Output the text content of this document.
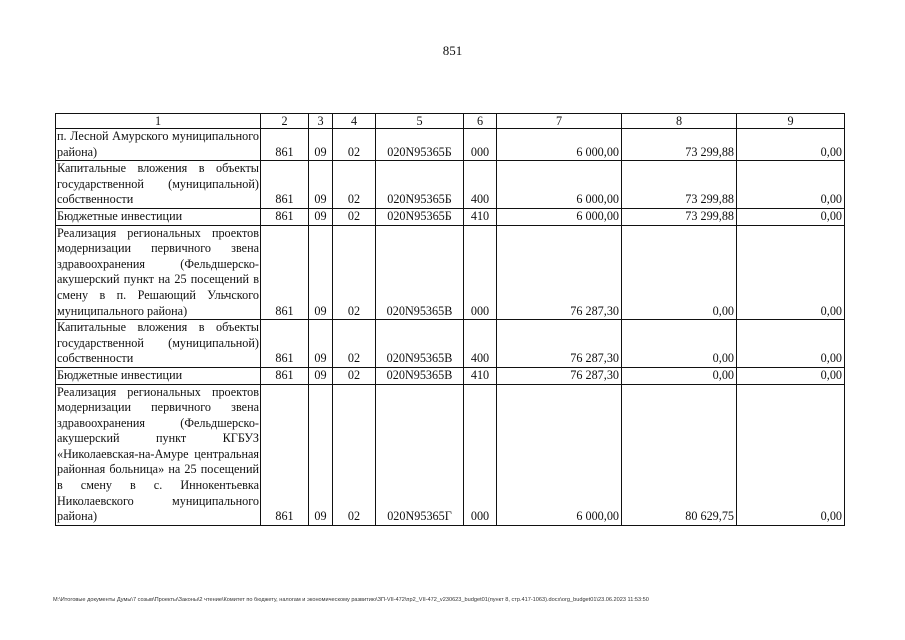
851
1	2	3	4	5	6	7	8	9
п. Лесной Амурского муниципального района)	861	09	02	020N95365Б	000	6 000,00	73 299,88	0,00
Капитальные вложения в объекты государственной (муниципальной) собственности	861	09	02	020N95365Б	400	6 000,00	73 299,88	0,00
Бюджетные инвестиции	861	09	02	020N95365Б	410	6 000,00	73 299,88	0,00
Реализация региональных проектов модернизации первичного звена здравоохранения (Фельдшерско-акушерский пункт на 25 посещений в смену в п. Решающий Ульчского муниципального района)	861	09	02	020N95365В	000	76 287,30	0,00	0,00
Капитальные вложения в объекты государственной (муниципальной) собственности	861	09	02	020N95365В	400	76 287,30	0,00	0,00
Бюджетные инвестиции	861	09	02	020N95365В	410	76 287,30	0,00	0,00
Реализация региональных проектов модернизации первичного звена здравоохранения (Фельдшерско-акушерский пункт КГБУЗ «Николаевская-на-Амуре центральная районная больница» на 25 посещений в смену в с. Иннокентьевка Николаевского муниципального района)	861	09	02	020N95365Г	000	6 000,00	80 629,75	0,00
M:\Итоговые документы Думы\7 созыв\Проекты\Законы\2 чтение\Комитет по бюджету, налогам и экономическому развитию\ЗП-VII-472\пр2_VII-472_v230623_budget01(пункт 8, стр.417-1063).docx\org_budget01\23.06.2023 11:53:50
